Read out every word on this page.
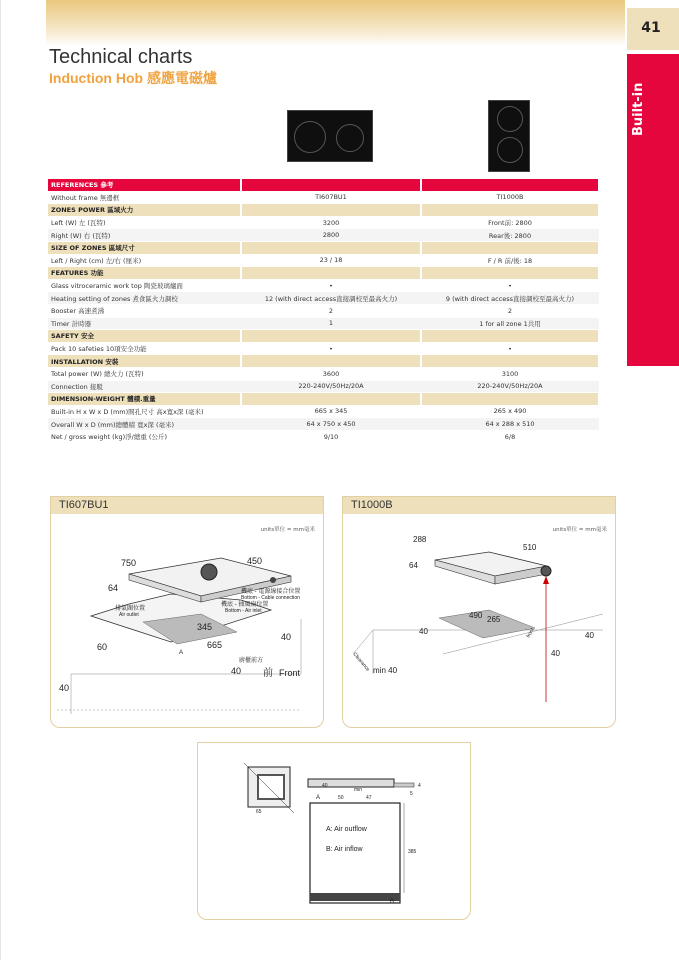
41
Built-in
Technical charts
Induction Hob 感應電磁爐
REFERENCES 參考		
Without frame 無邊框	TI607BU1	TI1000B
ZONES POWER 區域火力		
Left (W) 左 (瓦特)	3200	Front前: 2800
Right (W) 右 (瓦特)	2800	Rear後: 2800
SIZE OF ZONES 區域尺寸		
Left / Right (cm) 左/右 (厘米)	23 / 18	F / R 前/後: 18
FEATURES 功能		
Glass vitroceramic work top 陶瓷玻璃爐面	•	•
Heating setting of zones 煮食區火力調校	12 (with direct access直接調校至最高火力)	9 (with direct access直接調校至最高火力)
Booster 高速煮沸	2	2
Timer 計時器	1	1 for all zone 1共用
SAFETY 安全		
Pack 10 safeties 10項安全功能	•	•
INSTALLATION 安裝		
Total power (W) 總火力 (瓦特)	3600	3100
Connection 接駁	220-240V/50Hz/20A	220-240V/50Hz/20A
DIMENSION-WEIGHT 體積.重量		
Built-in H x W x D (mm)開孔尺寸 高x寬x深 (毫米)	665 x 345	265 x 490
Overall W x D (mm)總體積 寬x深 (毫米)	64 x 750 x 450	64 x 288 x 510
Net / gross weight (kg)淨/總重 (公斤)	9/10	6/8
TI607BU1
units單位 = mm毫米
750	450
64
排氣閥位置
Air outlet
機底 - 電源線接合位置
Bottom - Cable connection
機底 - 抽風扇位置
Bottom - Air inlet
345
665
60
40
40
40
A
廚櫃前方
前 Front
TI1000B
units單位 = mm毫米
288
510
64
490 265
40	40
40
min 40
Clearance
front
A: Air outflow
B: Air inflow
A
B
40
50	47
5
4
min
385
65
